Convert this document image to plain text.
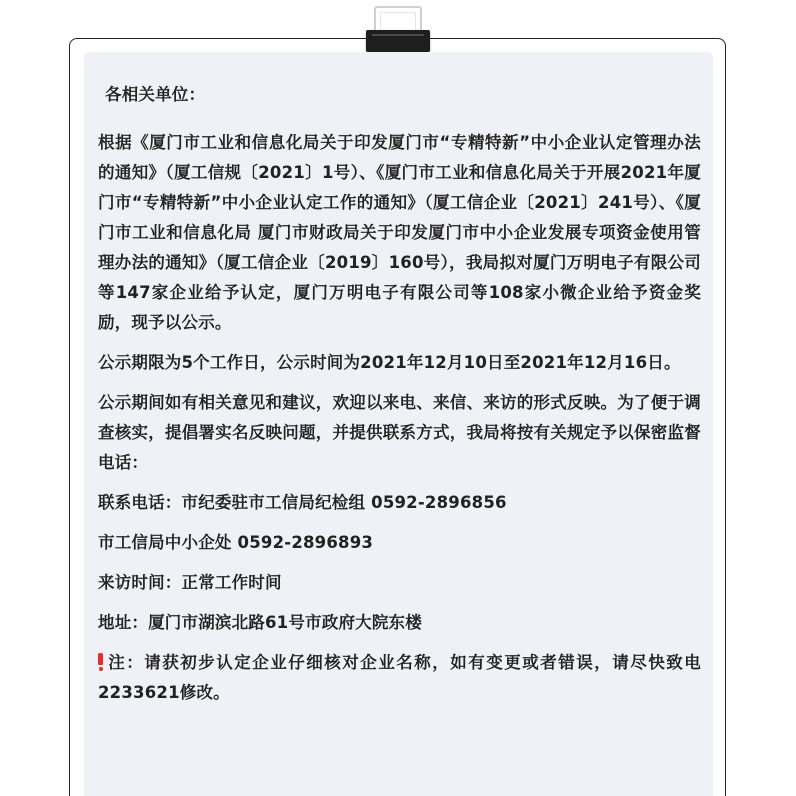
各相关单位：

根据《厦门市工业和信息化局关于印发厦门市“专精特新”中小企业认定管理办法的通知》（厦工信规〔2021〕1号）、《厦门市工业和信息化局关于开展2021年厦门市“专精特新”中小企业认定工作的通知》（厦工信企业〔2021〕241号）、《厦门市工业和信息化局 厦门市财政局关于印发厦门市中小企业发展专项资金使用管理办法的通知》（厦工信企业〔2019〕160号），我局拟对厦门万明电子有限公司等147家企业给予认定，厦门万明电子有限公司等108家小微企业给予资金奖励，现予以公示。

公示期限为5个工作日，公示时间为2021年12月10日至2021年12月16日。

公示期间如有相关意见和建议，欢迎以来电、来信、来访的形式反映。为了便于调查核实，提倡署实名反映问题，并提供联系方式，我局将按有关规定予以保密监督电话：

联系电话：市纪委驻市工信局纪检组 0592-2896856

市工信局中小企处 0592-2896893

来访时间：正常工作时间

地址：厦门市湖滨北路61号市政府大院东楼

注：请获初步认定企业仔细核对企业名称，如有变更或者错误，请尽快致电2233621修改。
